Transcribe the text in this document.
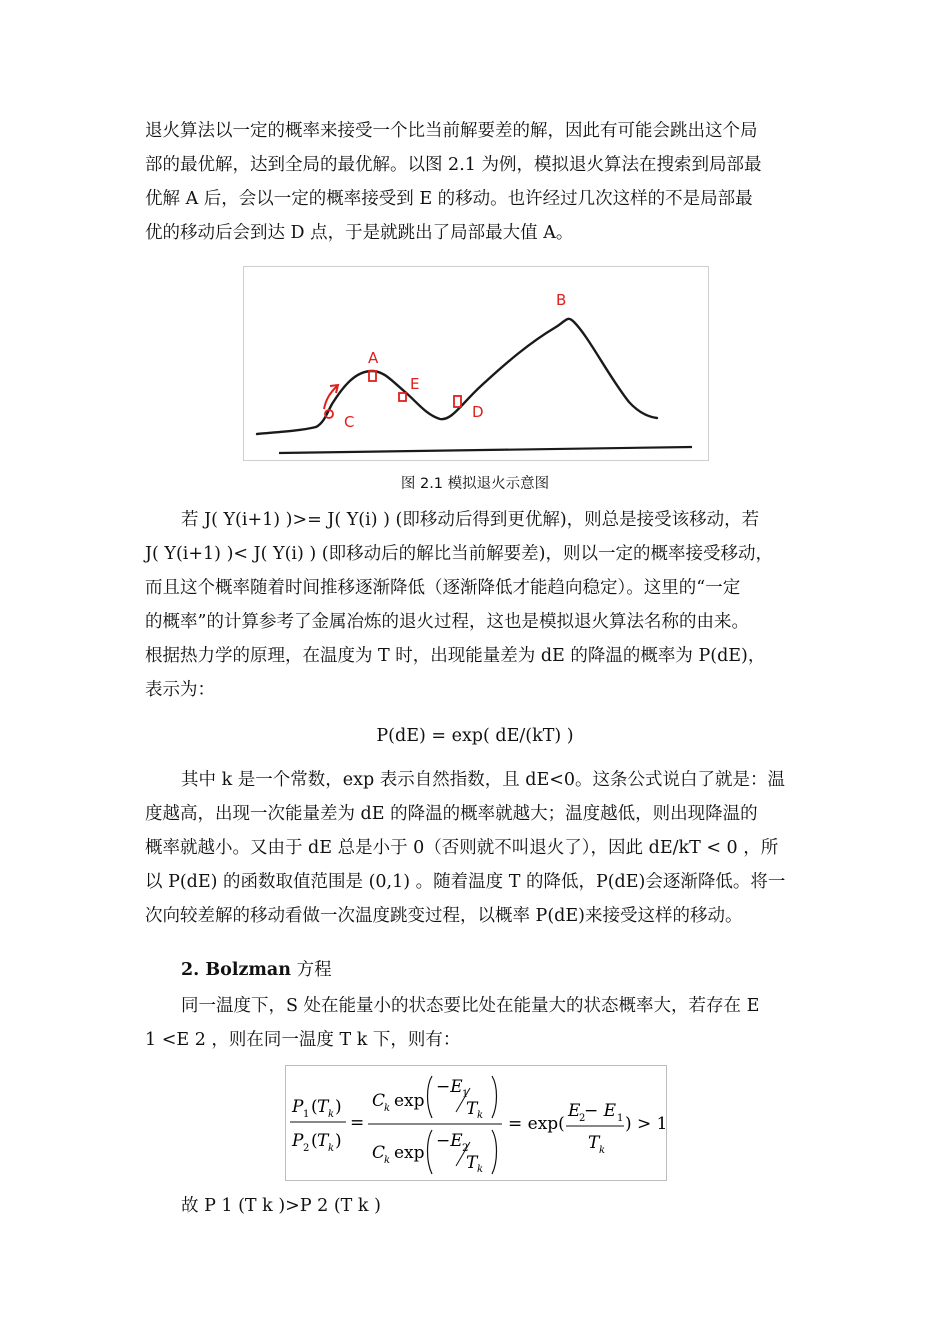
退火算法以一定的概率来接受一个比当前解要差的解，因此有可能会跳出这个局
部的最优解，达到全局的最优解。以图 2.1 为例，模拟退火算法在搜索到局部最
优解 A 后，会以一定的概率接受到 E 的移动。也许经过几次这样的不是局部最
优的移动后会到达 D 点，于是就跳出了局部最大值 A。
A
B
C
D
E
图 2.1 模拟退火示意图
若 J( Y(i+1) )>= J( Y(i) ) (即移动后得到更优解)，则总是接受该移动，若
J( Y(i+1) )< J( Y(i) ) (即移动后的解比当前解要差)，则以一定的概率接受移动，
而且这个概率随着时间推移逐渐降低（逐渐降低才能趋向稳定）。这里的“一定
的概率”的计算参考了金属冶炼的退火过程，这也是模拟退火算法名称的由来。
根据热力学的原理，在温度为 T 时，出现能量差为 dE 的降温的概率为 P(dE)，
表示为：
P(dE) = exp( dE/(kT) )
其中 k 是一个常数，exp 表示自然指数，且 dE<0。这条公式说白了就是：温
度越高，出现一次能量差为 dE 的降温的概率就越大；温度越低，则出现降温的
概率就越小。又由于 dE 总是小于 0（否则就不叫退火了），因此 dE/kT < 0 ，所
以 P(dE) 的函数取值范围是 (0,1) 。随着温度 T 的降低，P(dE)会逐渐降低。将一
次向较差解的移动看做一次温度跳变过程，以概率 P(dE)来接受这样的移动。
2. Bolzman 方程
同一温度下，S 处在能量小的状态要比处在能量大的状态概率大，若存在 E
1 <E 2 ，则在同一温度 T k 下，则有：
P 1 ( T k )
P 2 ( T k )
=
C
k exp
−E 1
T k
C
k exp
−E 2
T k
= exp(
E
2
− E 1
T k
) > 1
故 P 1 (T k )>P 2 (T k )
